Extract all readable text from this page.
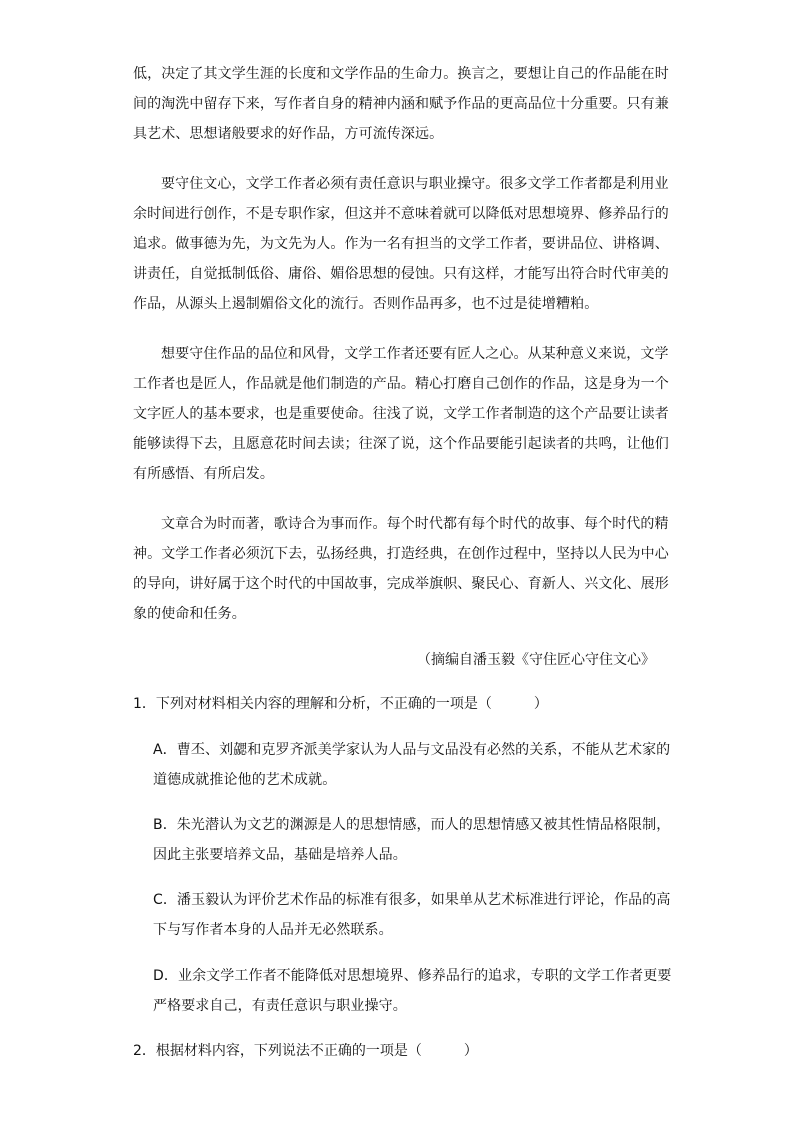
低，决定了其文学生涯的长度和文学作品的生命力。换言之，要想让自己的作品能在时
间的淘洗中留存下来，写作者自身的精神内涵和赋予作品的更高品位十分重要。只有兼
具艺术、思想诸般要求的好作品，方可流传深远。
要守住文心，文学工作者必须有责任意识与职业操守。很多文学工作者都是利用业
余时间进行创作，不是专职作家，但这并不意味着就可以降低对思想境界、修养品行的
追求。做事德为先，为文先为人。作为一名有担当的文学工作者，要讲品位、讲格调、
讲责任，自觉抵制低俗、庸俗、媚俗思想的侵蚀。只有这样，才能写出符合时代审美的
作品，从源头上遏制媚俗文化的流行。否则作品再多，也不过是徒增糟粕。
想要守住作品的品位和风骨，文学工作者还要有匠人之心。从某种意义来说，文学
工作者也是匠人，作品就是他们制造的产品。精心打磨自己创作的作品，这是身为一个
文字匠人的基本要求，也是重要使命。往浅了说，文学工作者制造的这个产品要让读者
能够读得下去，且愿意花时间去读；往深了说，这个作品要能引起读者的共鸣，让他们
有所感悟、有所启发。
文章合为时而著，歌诗合为事而作。每个时代都有每个时代的故事、每个时代的精
神。文学工作者必须沉下去，弘扬经典，打造经典，在创作过程中，坚持以人民为中心
的导向，讲好属于这个时代的中国故事，完成举旗帜、聚民心、育新人、兴文化、展形
象的使命和任务。
（摘编自潘玉毅《守住匠心守住文心》
1．下列对材料相关内容的理解和分析，不正确的一项是（　　　）
A．曹丕、刘勰和克罗齐派美学家认为人品与文品没有必然的关系，不能从艺术家的
道德成就推论他的艺术成就。
B．朱光潜认为文艺的渊源是人的思想情感，而人的思想情感又被其性情品格限制，
因此主张要培养文品，基础是培养人品。
C．潘玉毅认为评价艺术作品的标准有很多，如果单从艺术标准进行评论，作品的高
下与写作者本身的人品并无必然联系。
D．业余文学工作者不能降低对思想境界、修养品行的追求，专职的文学工作者更要
严格要求自己，有责任意识与职业操守。
2．根据材料内容，下列说法不正确的一项是（　　　）
